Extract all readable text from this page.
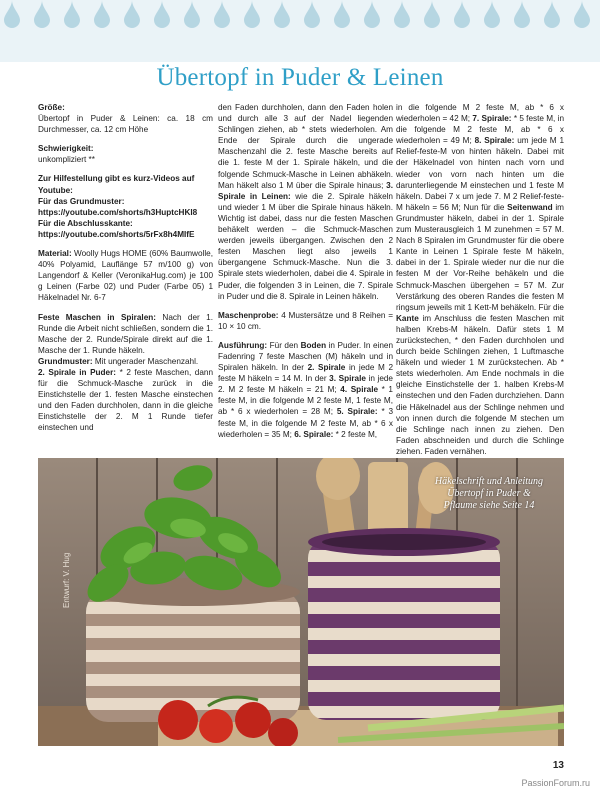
Übertopf in Puder & Leinen

Größe:
Übertopf in Puder & Leinen: ca. 18 cm Durchmesser, ca. 12 cm Höhe

Schwierigkeit:
unkompliziert **

Zur Hilfestellung gibt es kurz-Videos auf Youtube:
Für das Grundmuster: https://youtube.com/shorts/h3HuptcHKI8
Für die Abschlusskante: https://youtube.com/shorts/5rFx8h4MIfE

Material: Woolly Hugs HOME (60% Baumwolle, 40% Polyamid, Lauflänge 57 m/100 g) von Langendorf & Keller (VeronikaHug.com) je 100 g Leinen (Farbe 02) und Puder (Farbe 05) 1 Häkelnadel Nr. 6-7

Feste Maschen in Spiralen: Nach der 1. Runde die Arbeit nicht schließen, sondern die 1. Masche der 2. Runde/Spirale direkt auf die 1. Masche der 1. Runde häkeln.
Grundmuster: Mit ungerader Maschenzahl.
2. Spirale in Puder: * 2 feste Maschen, dann für die Schmuck-Masche zurück in die Einstichstelle der 1. festen Masche einstechen und den Faden durchholen, dann in die gleiche Einstichstelle der 2. M 1 Runde tiefer einstechen und

den Faden durchholen, dann den Faden holen und durch alle 3 auf der Nadel liegenden Schlingen ziehen, ab * stets wiederholen. Am Ende der Spirale durch die ungerade Maschenzahl die 2. feste Masche bereits auf die 1. feste M der 1. Spirale häkeln, und die folgende Schmuck-Masche in Leinen abhäkeln. Man häkelt also 1 M über die Spirale hinaus; 3. Spirale in Leinen: wie die 2. Spirale häkeln und wieder 1 M über die Spirale hinaus häkeln. Wichtig ist dabei, dass nur die festen Maschen behäkelt werden – die Schmuck-Maschen werden jeweils übergangen. Zwischen den 2 festen Maschen liegt also jeweils 1 übergangene Schmuck-Masche. Nun die 3. Spirale stets wiederholen, dabei die 4. Spirale in Puder, die folgenden 3 in Leinen, die 7. Spirale in Puder und die 8. Spirale in Leinen häkeln.

Maschenprobe: 4 Mustersätze und 8 Reihen = 10 × 10 cm.

Ausführung: Für den Boden in Puder. In einen Fadenring 7 feste Maschen (M) häkeln und in Spiralen häkeln. In der 2. Spirale in jede M 2 feste M häkeln = 14 M. In der 3. Spirale in jede 2. M 2 feste M häkeln = 21 M; 4. Spirale * 1 feste M, in die folgende M 2 feste M, 1 feste M, ab * 6 x wiederholen = 28 M; 5. Spirale: * 3 feste M, in die folgende M 2 feste M, ab * 6 x wiederholen = 35 M; 6. Spirale: * 2 feste M,

in die folgende M 2 feste M, ab * 6 x wiederholen = 42 M; 7. Spirale: * 5 feste M, in die folgende M 2 feste M, ab * 6 x wiederholen = 49 M; 8. Spirale: um jede M 1 Relief-feste-M von hinten häkeln. Dabei mit der Häkelnadel von hinten nach vorn und wieder von vorn nach hinten um die darunterliegende M einstechen und 1 feste M häkeln. Dabei 7 x um jede 7. M 2 Relief-feste-M häkeln = 56 M; Nun für die Seitenwand im Grundmuster häkeln, dabei in der 1. Spirale zum Musterausgleich 1 M zunehmen = 57 M. Nach 8 Spiralen im Grundmuster für die obere Kante in Leinen 1 Spirale feste M häkeln, dabei in der 1. Spirale wieder nur die nur die festen M der Vor-Reihe behäkeln und die Schmuck-Maschen übergehen = 57 M. Zur Verstärkung des oberen Randes die festen M ringsum jeweils mit 1 Kett-M behäkeln. Für die Kante im Anschluss die festen Maschen mit halben Krebs-M häkeln. Dafür stets 1 M zurückstechen, * den Faden durchholen und durch beide Schlingen ziehen, 1 Luftmasche häkeln und wieder 1 M zurückstechen. Ab * stets wiederholen. Am Ende nochmals in die gleiche Einstichstelle der 1. halben Krebs-M einstechen und den Faden durchziehen. Dann die Häkelnadel aus der Schlinge nehmen und von innen durch die folgende M stechen um die Schlinge nach innen zu ziehen. Den Faden abschneiden und durch die Schlinge ziehen. Faden vernähen.

Häkelschrift und Anleitung Übertopf in Puder & Pflaume siehe Seite 14
Entwurf: V. Hug
13
PassionForum.ru
